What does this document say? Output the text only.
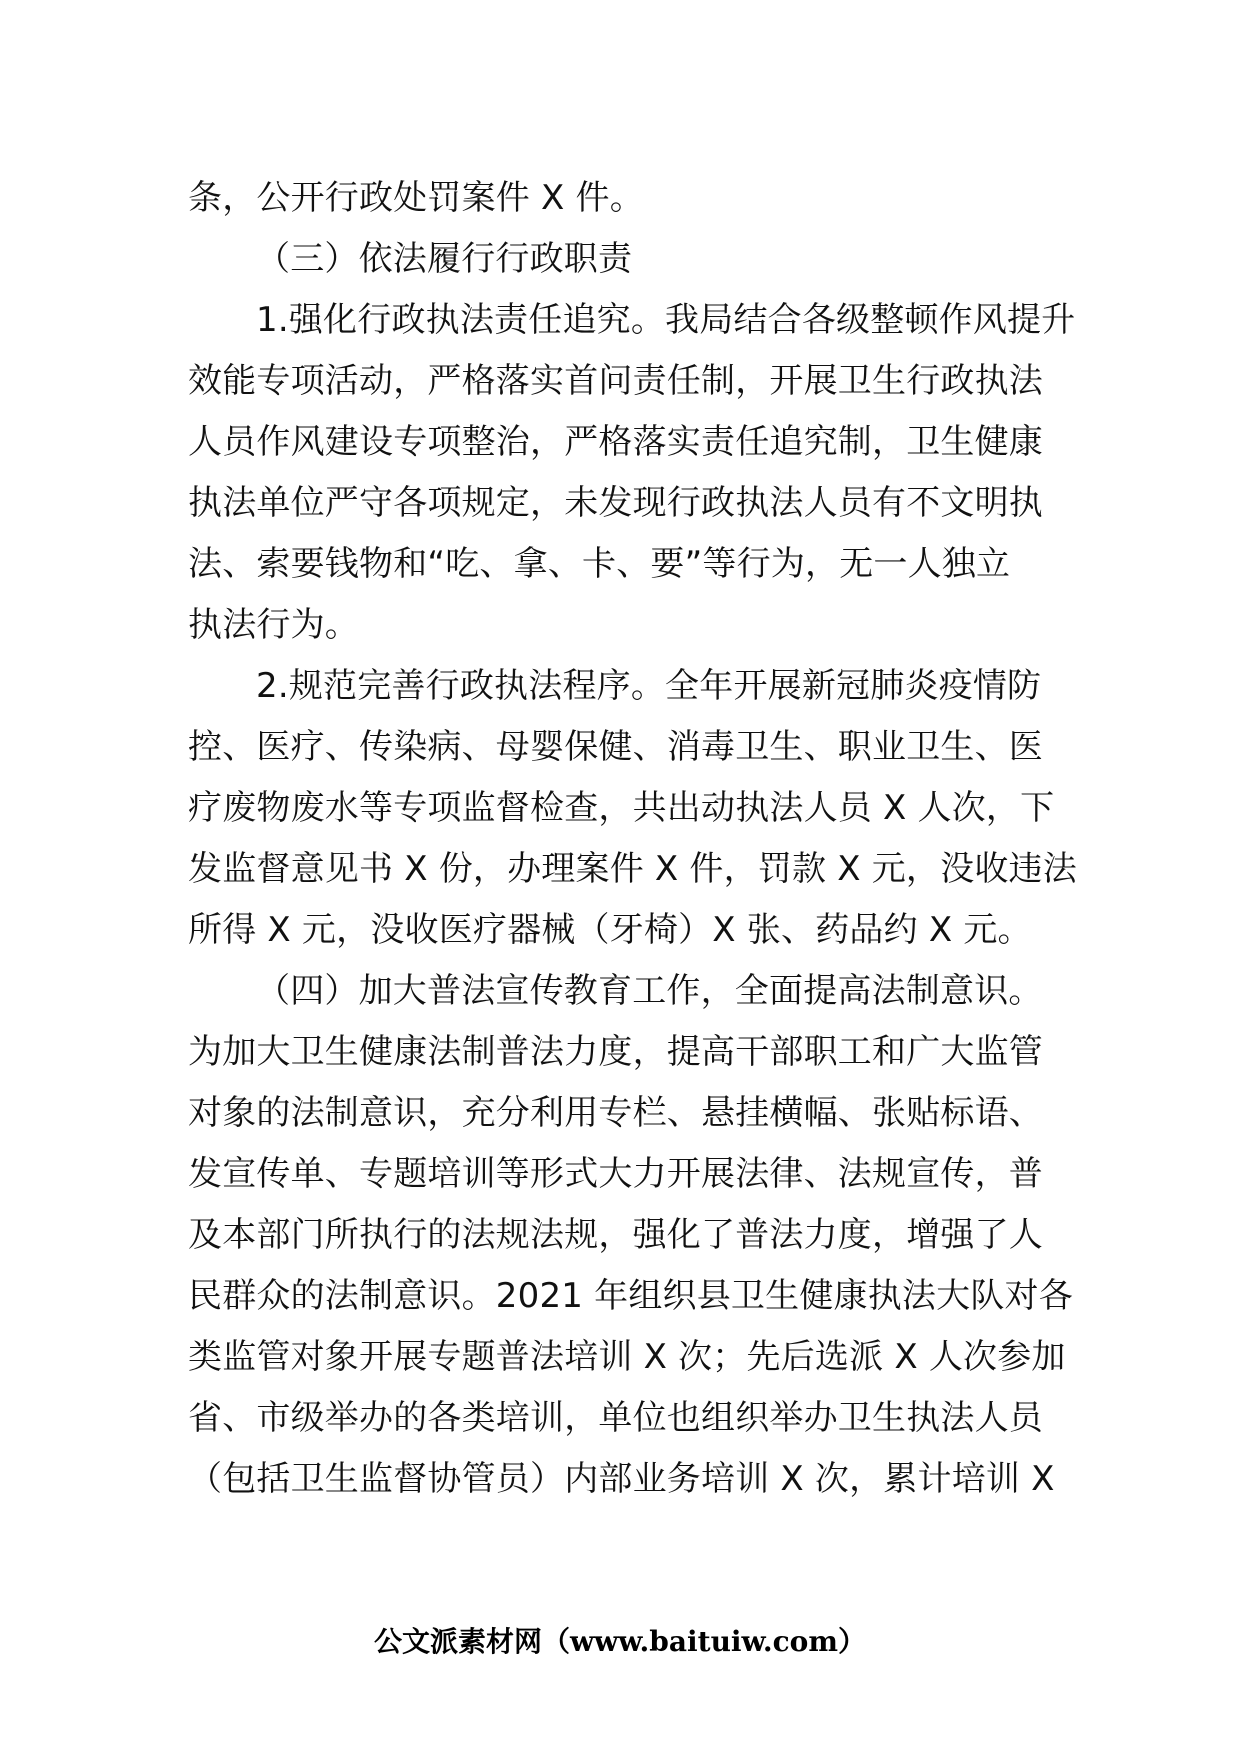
条，公开行政处罚案件 X 件。
（三）依法履行行政职责
1.强化行政执法责任追究。我局结合各级整顿作风提升
效能专项活动，严格落实首问责任制，开展卫生行政执法
人员作风建设专项整治，严格落实责任追究制，卫生健康
执法单位严守各项规定，未发现行政执法人员有不文明执
法、索要钱物和“吃、拿、卡、要”等行为，无一人独立
执法行为。
2.规范完善行政执法程序。全年开展新冠肺炎疫情防
控、医疗、传染病、母婴保健、消毒卫生、职业卫生、医
疗废物废水等专项监督检查，共出动执法人员 X 人次，下
发监督意见书 X 份，办理案件 X 件，罚款 X 元，没收违法
所得 X 元，没收医疗器械（牙椅）X 张、药品约 X 元。
（四）加大普法宣传教育工作，全面提高法制意识。
为加大卫生健康法制普法力度，提高干部职工和广大监管
对象的法制意识，充分利用专栏、悬挂横幅、张贴标语、
发宣传单、专题培训等形式大力开展法律、法规宣传，普
及本部门所执行的法规法规，强化了普法力度，增强了人
民群众的法制意识。2021 年组织县卫生健康执法大队对各
类监管对象开展专题普法培训 X 次；先后选派 X 人次参加
省、市级举办的各类培训，单位也组织举办卫生执法人员
（包括卫生监督协管员）内部业务培训 X 次，累计培训 X
公文派素材网（www.baituiw.com）
